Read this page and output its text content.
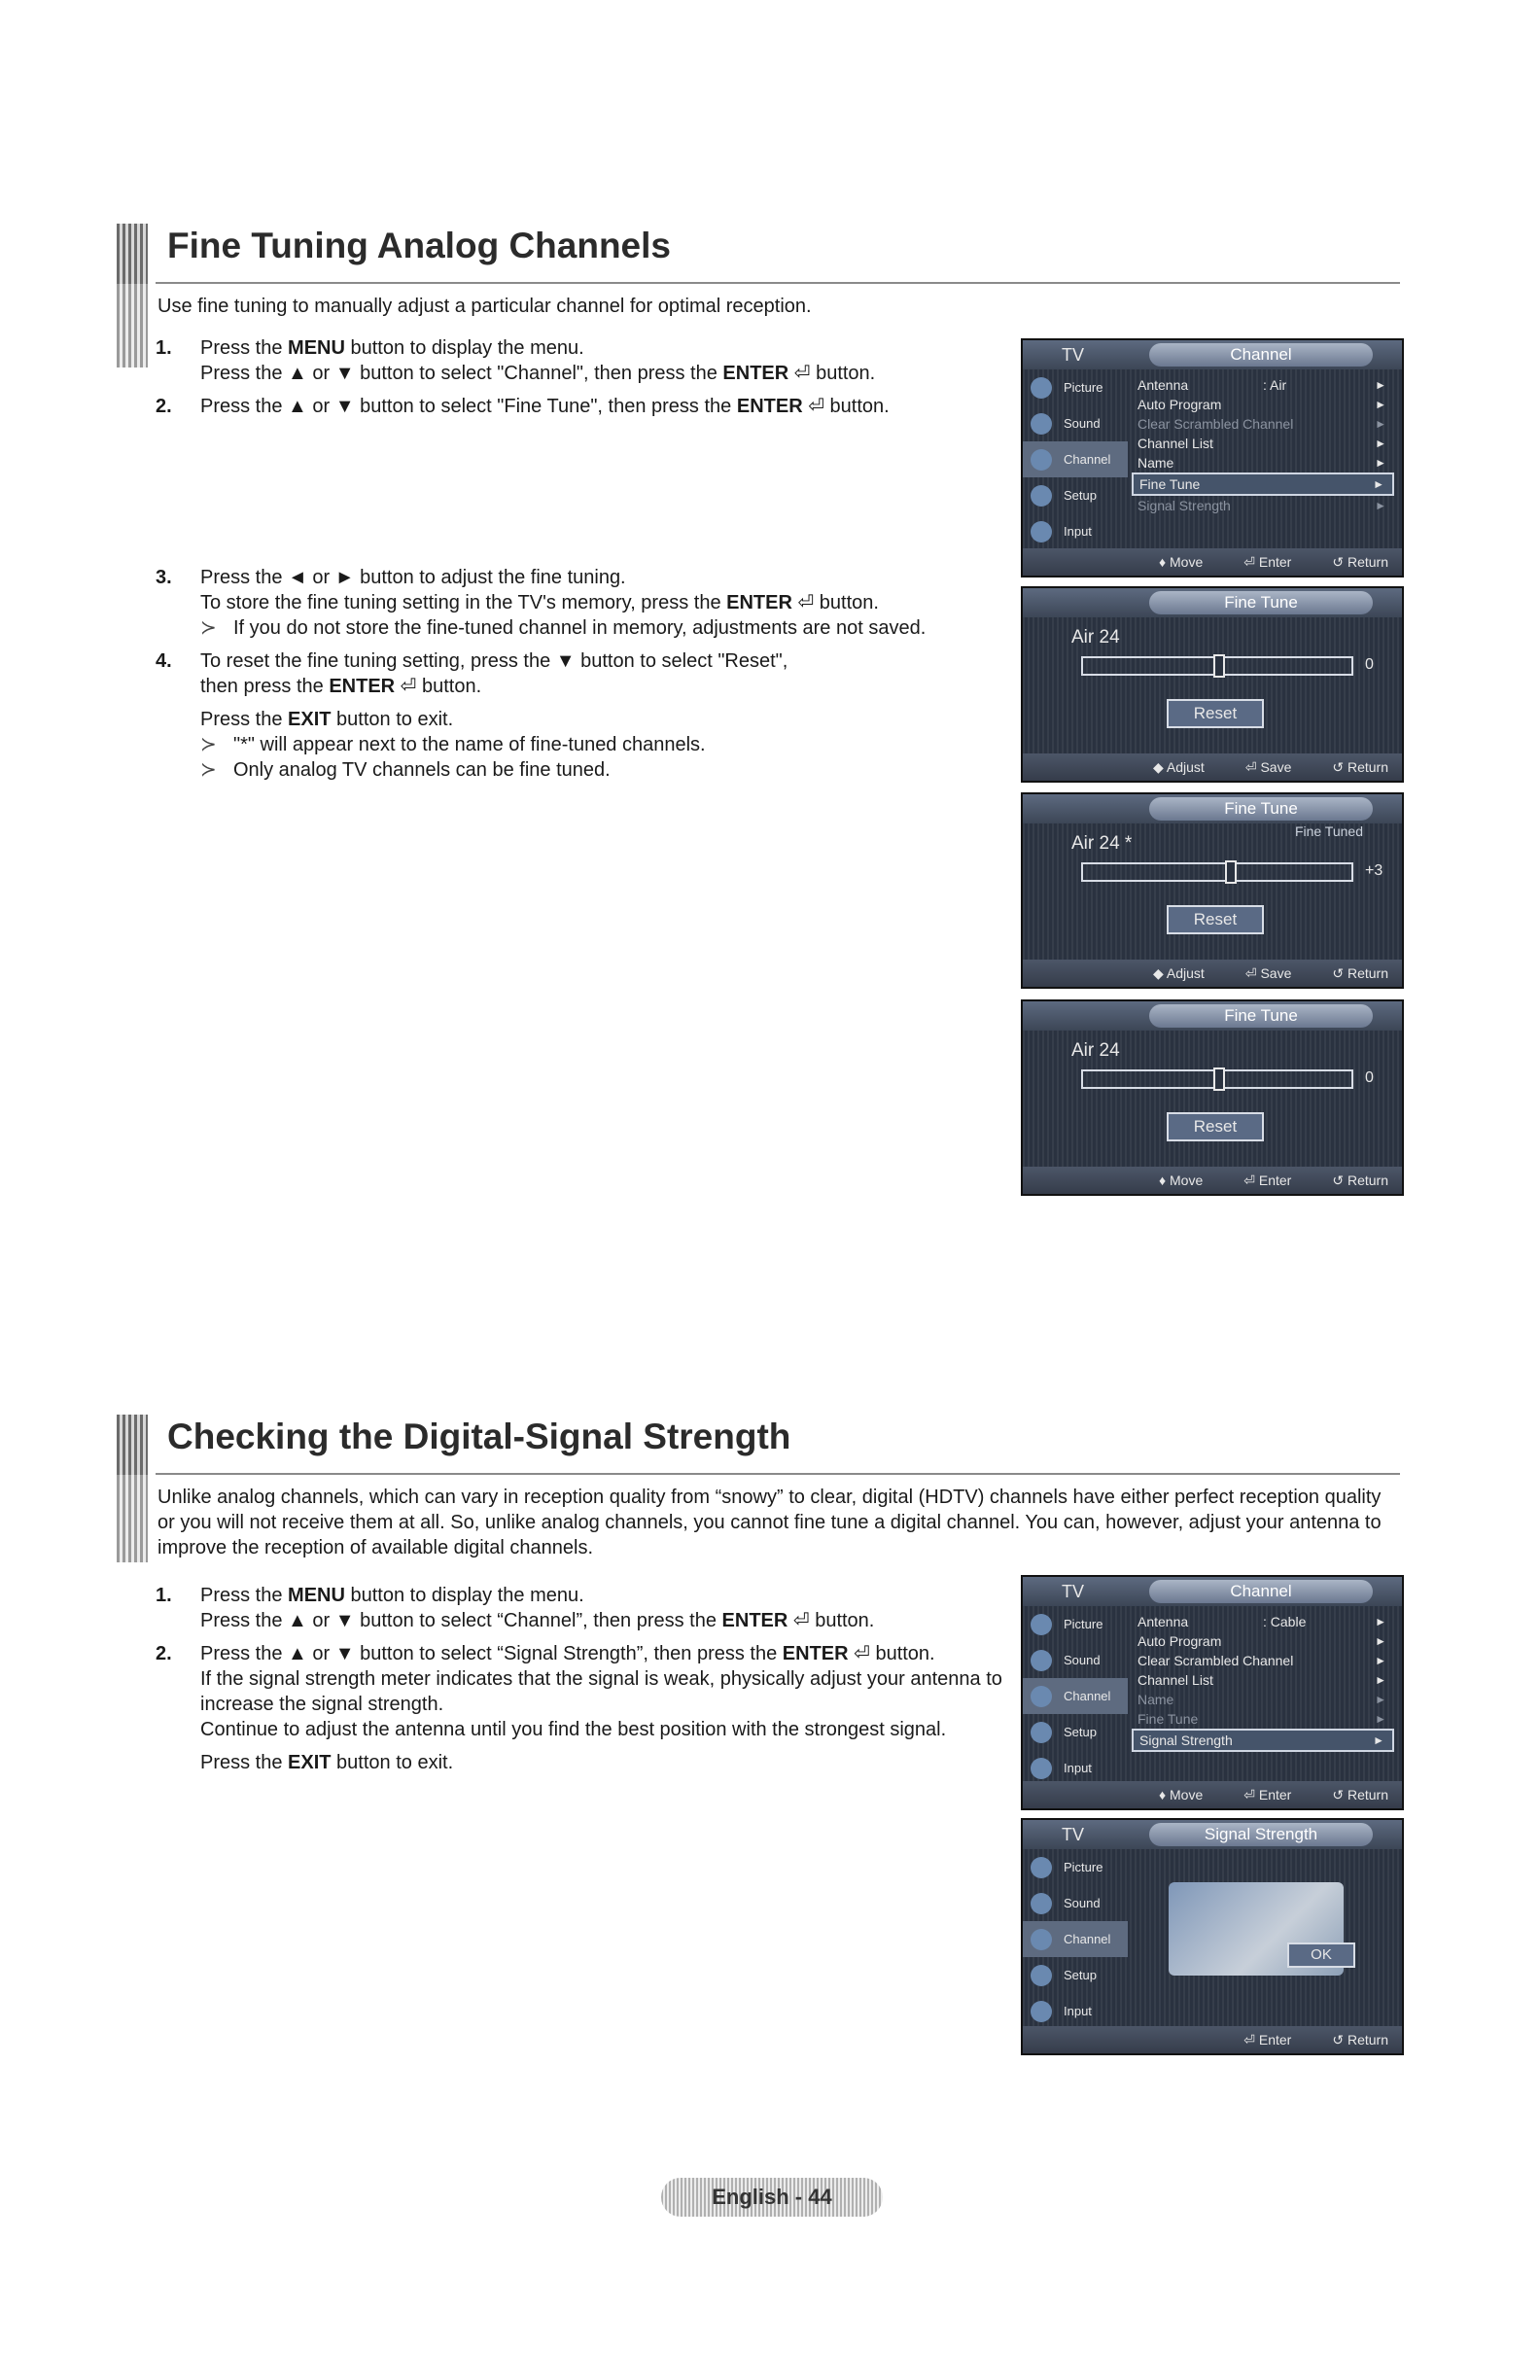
Fine Tuning Analog Channels
Use fine tuning to manually adjust a particular channel for optimal reception.
1.	Press the MENU button to display the menu.

Press the ▲ or ▼ button to select "Channel", then press the ENTER ⏎ button.

2.	Press the ▲ or ▼ button to select "Fine Tune", then press the ENTER ⏎ button.

3.	Press the ◄ or ► button to adjust the fine tuning.

To store the fine tuning setting in the TV's memory, press the ENTER ⏎ button.

≻ If you do not store the fine-tuned channel in memory, adjustments are not saved.

4.	To reset the fine tuning setting, press the ▼ button to select "Reset",

then press the ENTER ⏎ button.

Press the EXIT button to exit.

≻ "*" will appear next to the name of fine-tuned channels.

≻ Only analog TV channels can be fine tuned.

Checking the Digital-Signal Strength
Unlike analog channels, which can vary in reception quality from “snowy” to clear, digital (HDTV) channels have either perfect reception quality or you will not receive them at all. So, unlike analog channels, you cannot fine tune a digital channel. You can, however, adjust your antenna to improve the reception of available digital channels.
1.	Press the MENU button to display the menu.

Press the ▲ or ▼ button to select “Channel”, then press the ENTER ⏎ button.

2.	Press the ▲ or ▼ button to select “Signal Strength”, then press the ENTER ⏎ button.

If the signal strength meter indicates that the signal is weak, physically adjust your antenna to increase the signal strength.

Continue to adjust the antenna until you find the best position with the strongest signal.

Press the EXIT button to exit.

TV	Channel
Picture
Sound
Channel
Setup
Input
Antenna	: Air	►
Auto Program	►
Clear Scrambled Channel	►
Channel List	►
Name	►
Fine Tune	►
Signal Strength	►
♦ Move	⏎ Enter	↺ Return
Fine Tune
Air 24
0
Reset
◆ Adjust	⏎ Save	↺ Return
Fine Tune
Air 24 *
Fine Tuned
+3
Reset
◆ Adjust	⏎ Save	↺ Return
Fine Tune
Air 24
0
Reset
♦ Move	⏎ Enter	↺ Return
TV	Channel
Picture
Sound
Channel
Setup
Input
Antenna	: Cable	►
Auto Program	►
Clear Scrambled Channel	►
Channel List	►
Name	►
Fine Tune	►
Signal Strength	►
♦ Move	⏎ Enter	↺ Return
TV	Signal Strength
Picture
Sound
Channel
Setup
Input
OK
⏎ Enter	↺ Return
English - 44
